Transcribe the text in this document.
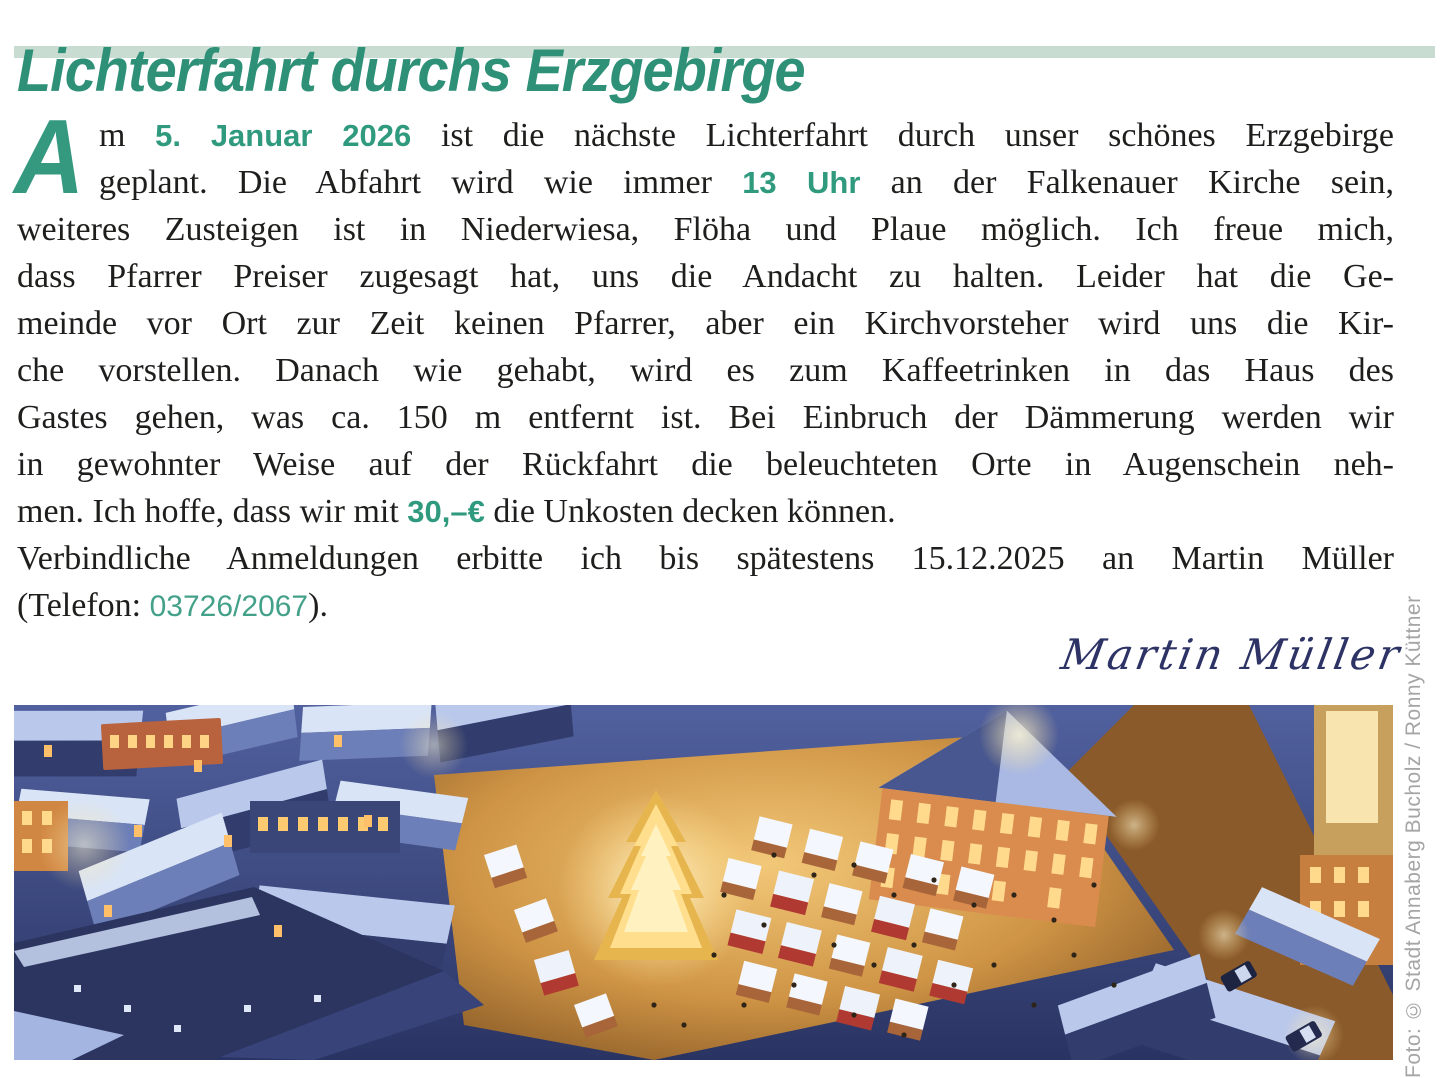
Lichterfahrt durchs Erzgebirge
A m 5. Januar 2026 ist die nächste Lichterfahrt durch unser schönes Erzgebirge
geplant. Die Abfahrt wird wie immer 13 Uhr an der Falkenauer Kirche sein,
weiteres Zusteigen ist in Niederwiesa, Flöha und Plaue möglich. Ich freue mich,
dass Pfarrer Preiser zugesagt hat, uns die Andacht zu halten. Leider hat die Ge-
meinde vor Ort zur Zeit keinen Pfarrer, aber ein Kirchvorsteher wird uns die Kir-
che vorstellen. Danach wie gehabt, wird es zum Kaffeetrinken in das Haus des
Gastes gehen, was ca. 150 m entfernt ist. Bei Einbruch der Dämmerung werden wir
in gewohnter Weise auf der Rückfahrt die beleuchteten Orte in Augenschein neh-
men. Ich hoffe, dass wir mit 30,–€ die Unkosten decken können.
Verbindliche Anmeldungen erbitte ich bis spätestens 15.12.2025 an Martin Müller
(Telefon: 03726/2067).
Martin Müller
Foto: © Stadt Annaberg Bucholz / Ronny Küttner
